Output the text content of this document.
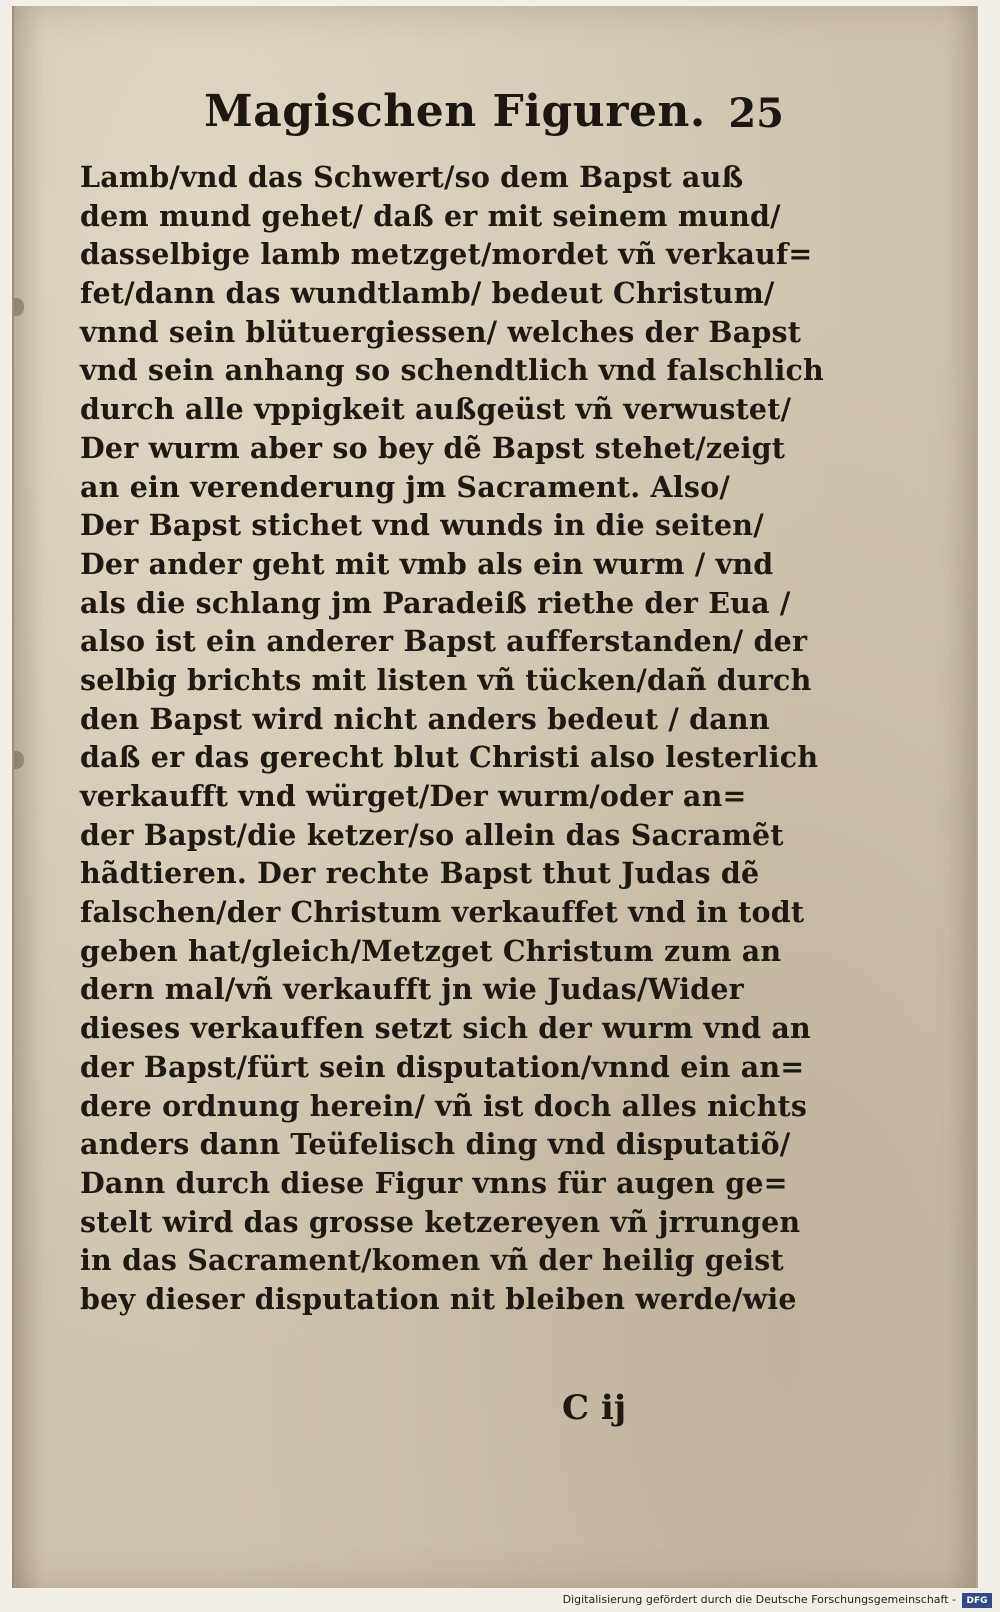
Magischen Figuren. 25
Lamb/vnd das Schwert/so dem Bapst auß
dem mund gehet/ daß er mit seinem mund/
dasselbige lamb metzget/mordet vñ verkauf=
fet/dann das wundtlamb/ bedeut Christum/
vnnd sein blütuergiessen/ welches der Bapst
vnd sein anhang so schendtlich vnd falschlich
durch alle vppigkeit außgeüst vñ verwustet/
Der wurm aber so bey dẽ Bapst stehet/zeigt
an ein verenderung jm Sacrament. Also/
Der Bapst stichet vnd wunds in die seiten/
Der ander geht mit vmb als ein wurm / vnd
als die schlang jm Paradeiß riethe der Eua /
also ist ein anderer Bapst aufferstanden/ der
selbig brichts mit listen vñ tücken/dañ durch
den Bapst wird nicht anders bedeut / dann
daß er das gerecht blut Christi also lesterlich
verkaufft vnd würget/Der wurm/oder an=
der Bapst/die ketzer/so allein das Sacramẽt
hãdtieren. Der rechte Bapst thut Judas dẽ
falschen/der Christum verkauffet vnd in todt
geben hat/gleich/Metzget Christum zum an
dern mal/vñ verkaufft jn wie Judas/Wider
dieses verkauffen setzt sich der wurm vnd an
der Bapst/fürt sein disputation/vnnd ein an=
dere ordnung herein/ vñ ist doch alles nichts
anders dann Teüfelisch ding vnd disputatiõ/
Dann durch diese Figur vnns für augen ge=
stelt wird das grosse ketzereyen vñ jrrungen
in das Sacrament/komen vñ der heilig geist
bey dieser disputation nit bleiben werde/wie
C ij
Digitalisierung gefördert durch die Deutsche Forschungsgemeinschaft -	DFG
